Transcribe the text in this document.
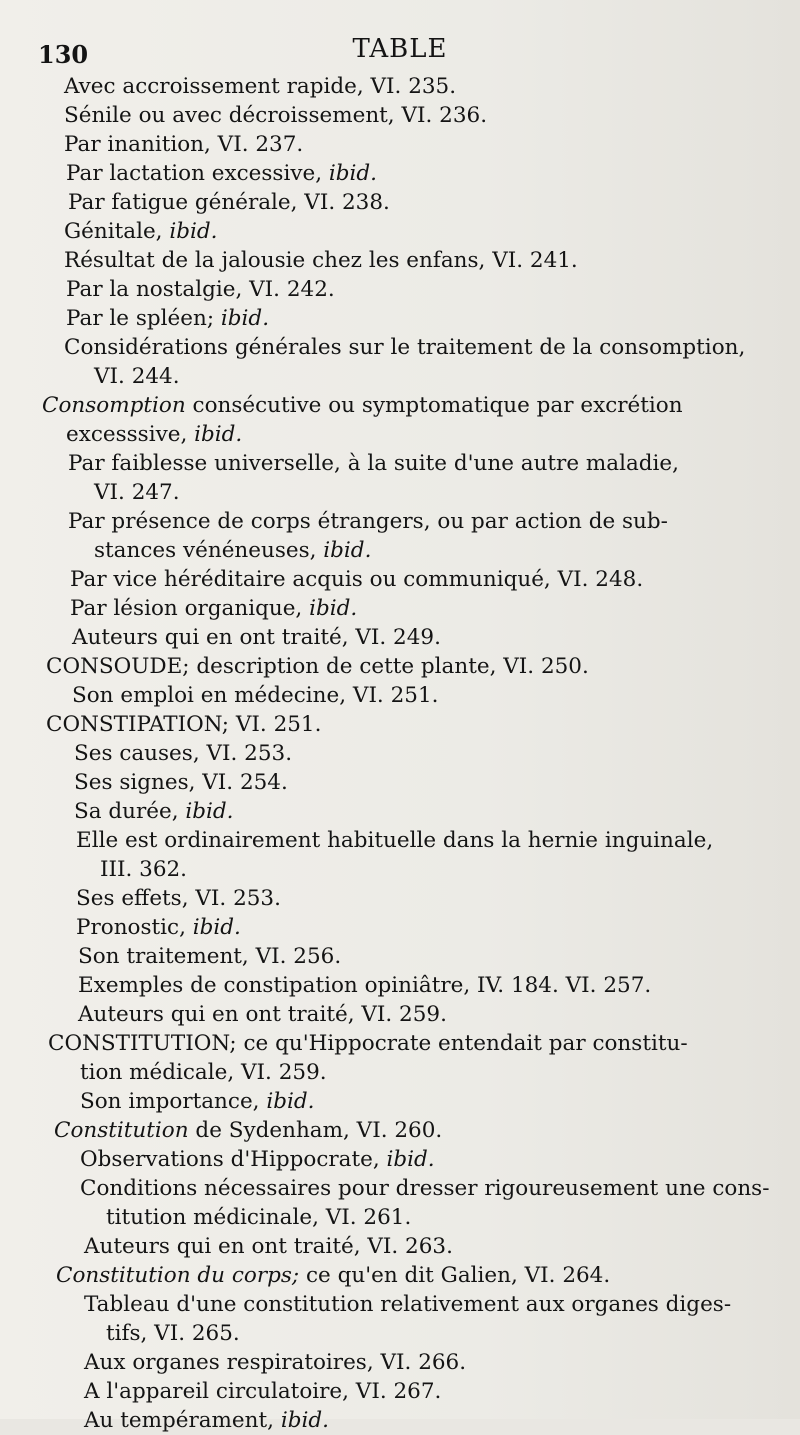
130	TABLE
Avec accroissement rapide, VI. 235.
Sénile ou avec décroissement, VI. 236.
Par inanition, VI. 237.
Par lactation excessive, ibid.
Par fatigue générale, VI. 238.
Génitale, ibid.
Résultat de la jalousie chez les enfans, VI. 241.
Par la nostalgie, VI. 242.
Par le spléen; ibid.
Considérations générales sur le traitement de la consomption,
VI. 244.
Consomption consécutive ou symptomatique par excrétion
excesssive, ibid.
Par faiblesse universelle, à la suite d'une autre maladie,
VI. 247.
Par présence de corps étrangers, ou par action de sub-
stances vénéneuses, ibid.
Par vice héréditaire acquis ou communiqué, VI. 248.
Par lésion organique, ibid.
Auteurs qui en ont traité, VI. 249.
CONSOUDE; description de cette plante, VI. 250.
Son emploi en médecine, VI. 251.
CONSTIPATION; VI. 251.
Ses causes, VI. 253.
Ses signes, VI. 254.
Sa durée, ibid.
Elle est ordinairement habituelle dans la hernie inguinale,
III. 362.
Ses effets, VI. 253.
Pronostic, ibid.
Son traitement, VI. 256.
Exemples de constipation opiniâtre, IV. 184. VI. 257.
Auteurs qui en ont traité, VI. 259.
CONSTITUTION; ce qu'Hippocrate entendait par constitu-
tion médicale, VI. 259.
Son importance, ibid.
Constitution de Sydenham, VI. 260.
Observations d'Hippocrate, ibid.
Conditions nécessaires pour dresser rigoureusement une cons-
titution médicinale, VI. 261.
Auteurs qui en ont traité, VI. 263.
Constitution du corps; ce qu'en dit Galien, VI. 264.
Tableau d'une constitution relativement aux organes diges-
tifs, VI. 265.
Aux organes respiratoires, VI. 266.
A l'appareil circulatoire, VI. 267.
Au tempérament, ibid.
